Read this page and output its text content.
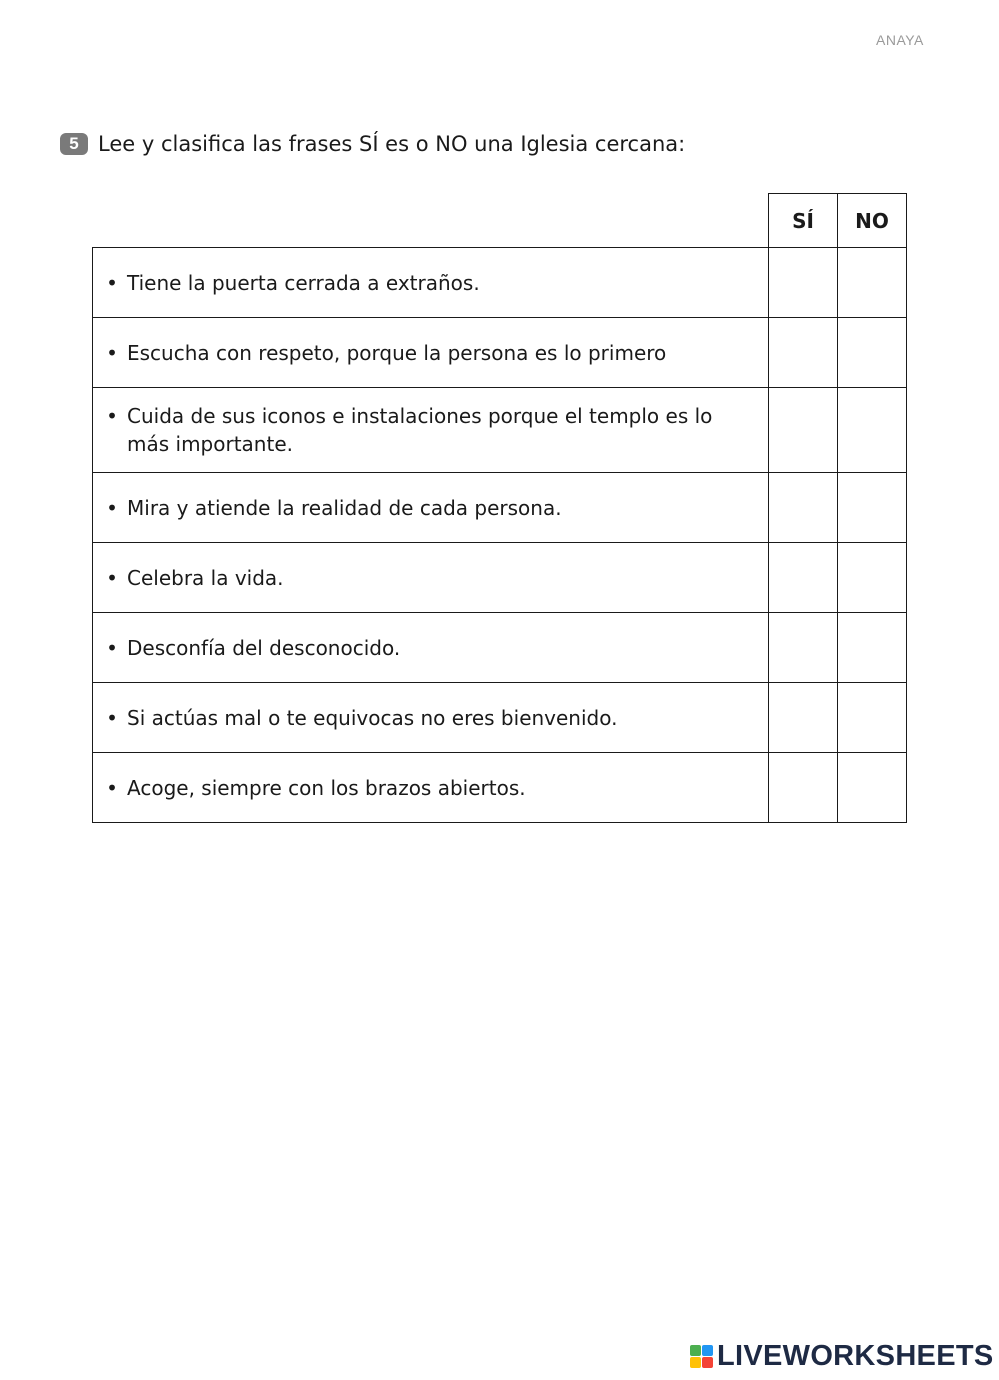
ANAYA
5 Lee y clasifica las frases SÍ es o NO una Iglesia cercana:
	SÍ	NO

• Tiene la puerta cerrada a extraños.		

• Escucha con respeto, porque la persona es lo primero		

• Cuida de sus iconos e instalaciones porque el templo es lo más importante.		

• Mira y atiende la realidad de cada persona.		

• Celebra la vida.		

• Desconfía del desconocido.		

• Si actúas mal o te equivocas no eres bienvenido.		

• Acoge, siempre con los brazos abiertos.		

LIVEWORKSHEETS
